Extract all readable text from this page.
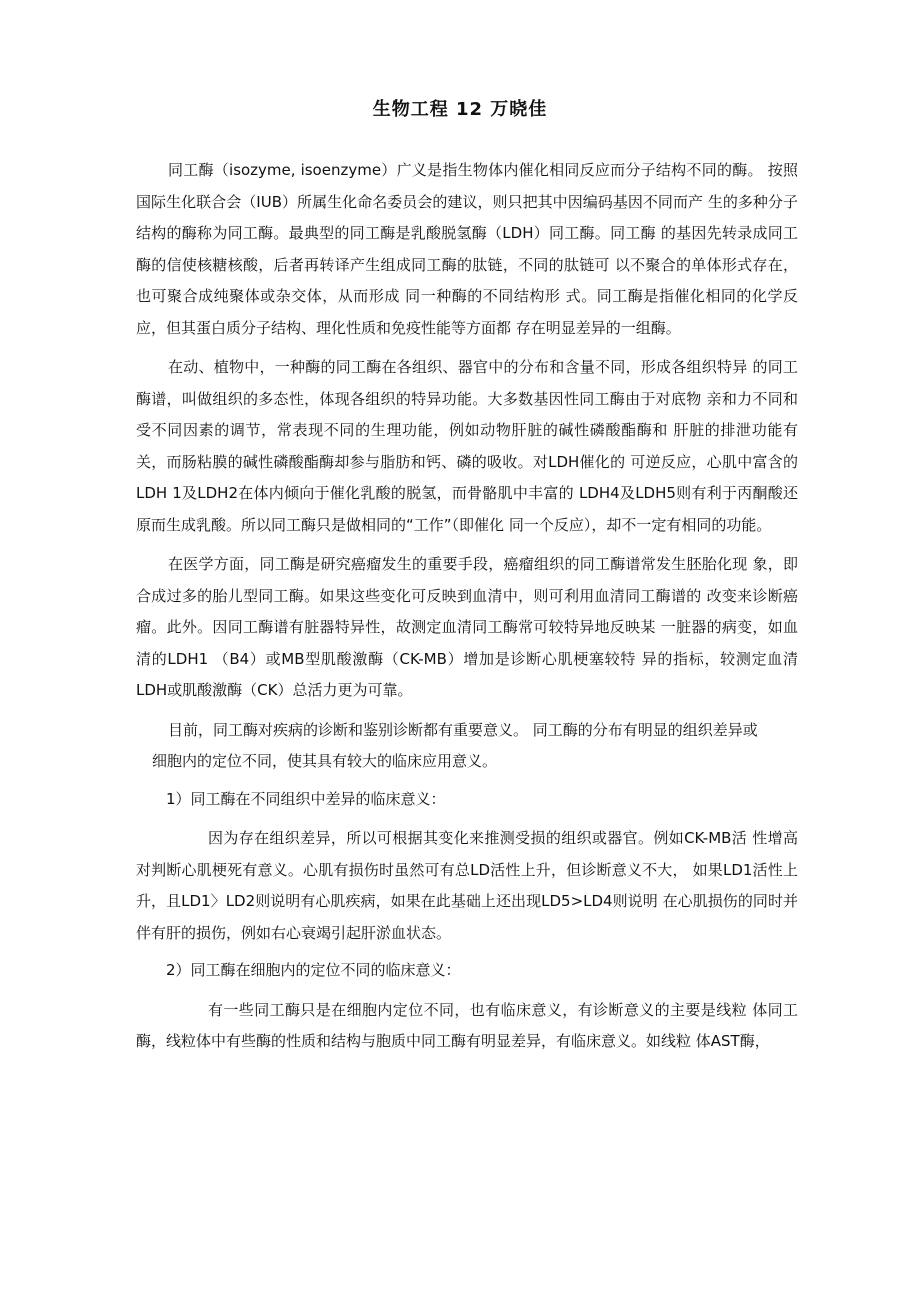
生物工程 12 万晓佳

同工酶（isozyme, isoenzyme）广义是指生物体内催化相同反应而分子结构不同的酶。 按照国际生化联合会（IUB）所属生化命名委员会的建议，则只把其中因编码基因不同而产 生的多种分子结构的酶称为同工酶。最典型的同工酶是乳酸脱氢酶（LDH）同工酶。同工酶 的基因先转录成同工酶的信使核糖核酸，后者再转译产生组成同工酶的肽链，不同的肽链可 以不聚合的单体形式存在，也可聚合成纯聚体或杂交体，从而形成 同一种酶的不同结构形 式。同工酶是指催化相同的化学反应，但其蛋白质分子结构、理化性质和免疫性能等方面都 存在明显差异的一组酶。

在动、植物中，一种酶的同工酶在各组织、器官中的分布和含量不同，形成各组织特异 的同工酶谱，叫做组织的多态性，体现各组织的特异功能。大多数基因性同工酶由于对底物 亲和力不同和受不同因素的调节，常表现不同的生理功能，例如动物肝脏的碱性磷酸酯酶和 肝脏的排泄功能有关，而肠粘膜的碱性磷酸酯酶却参与脂肪和钙、磷的吸收。对LDH催化的 可逆反应，心肌中富含的LDH 1及LDH2在体内倾向于催化乳酸的脱氢，而骨骼肌中丰富的 LDH4及LDH5则有利于丙酮酸还原而生成乳酸。所以同工酶只是做相同的“工作”（即催化 同一个反应），却不一定有相同的功能。

在医学方面，同工酶是研究癌瘤发生的重要手段，癌瘤组织的同工酶谱常发生胚胎化现 象，即合成过多的胎儿型同工酶。如果这些变化可反映到血清中，则可利用血清同工酶谱的 改变来诊断癌瘤。此外。因同工酶谱有脏器特异性，故测定血清同工酶常可较特异地反映某 一脏器的病变，如血清的LDH1 （B4）或MB型肌酸激酶（CK-MB）增加是诊断心肌梗塞较特 异的指标，较测定血清LDH或肌酸激酶（CK）总活力更为可靠。

目前，同工酶对疾病的诊断和鉴别诊断都有重要意义。 同工酶的分布有明显的组织差异或

细胞内的定位不同，使其具有较大的临床应用意义。

1）同工酶在不同组织中差异的临床意义：

因为存在组织差异，所以可根据其变化来推测受损的组织或器官。例如CK-MB活 性增高对判断心肌梗死有意义。心肌有损伤时虽然可有总LD活性上升，但诊断意义不大， 如果LD1活性上升，且LD1〉LD2则说明有心肌疾病，如果在此基础上还出现LD5>LD4则说明 在心肌损伤的同时并伴有肝的损伤，例如右心衰竭引起肝淤血状态。

2）同工酶在细胞内的定位不同的临床意义：

有一些同工酶只是在细胞内定位不同，也有临床意义，有诊断意义的主要是线粒 体同工酶，线粒体中有些酶的性质和结构与胞质中同工酶有明显差异，有临床意义。如线粒 体AST酶，
